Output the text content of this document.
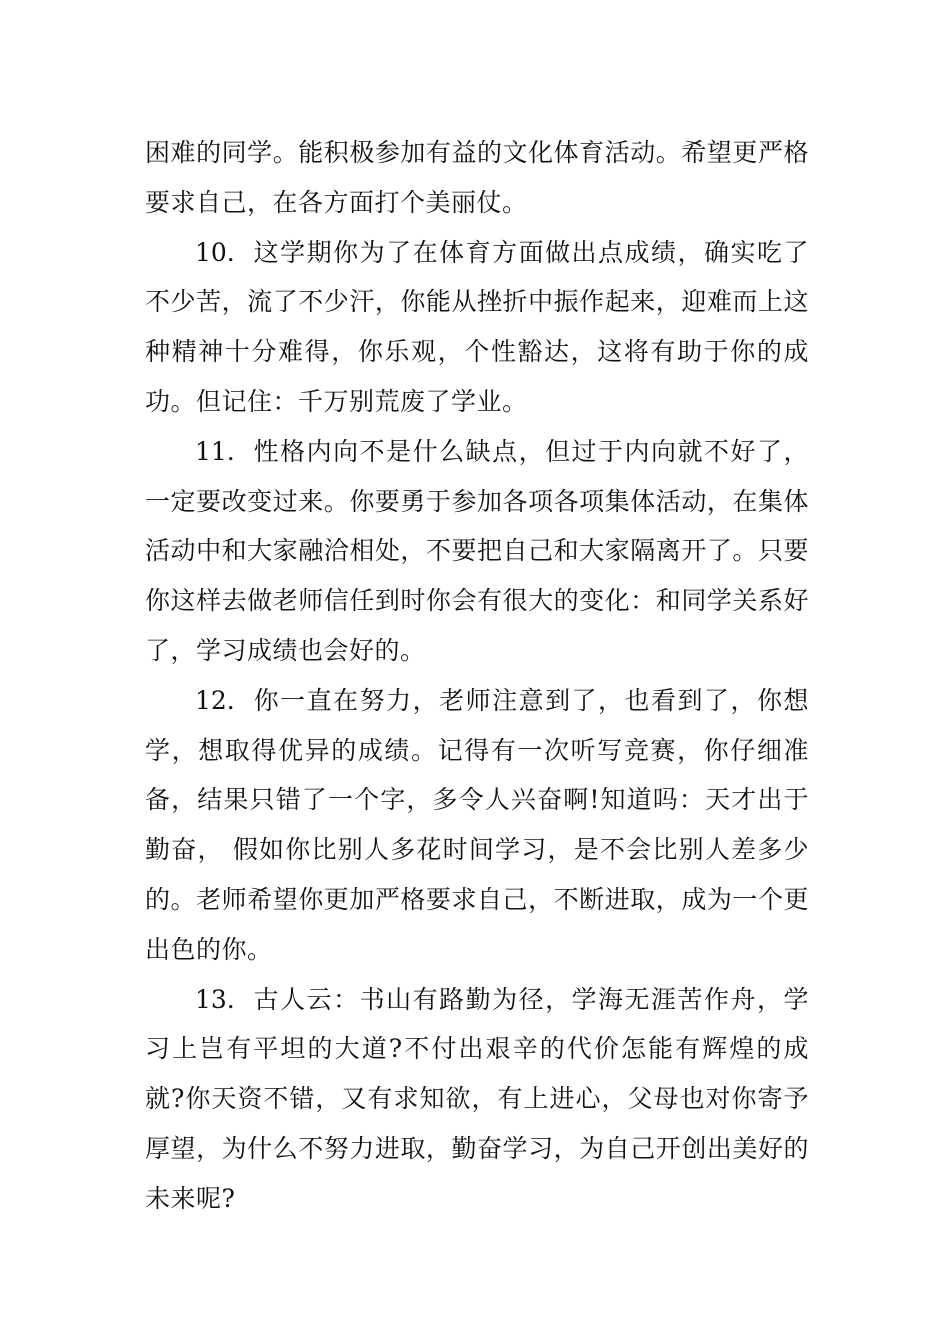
困难的同学。能积极参加有益的文化体育活动。希望更严格要求自己，在各方面打个美丽仗。

10. 这学期你为了在体育方面做出点成绩，确实吃了不少苦，流了不少汗，你能从挫折中振作起来，迎难而上这种精神十分难得，你乐观，个性豁达，这将有助于你的成功。但记住：千万别荒废了学业。

11. 性格内向不是什么缺点，但过于内向就不好了，一定要改变过来。你要勇于参加各项各项集体活动，在集体活动中和大家融洽相处，不要把自己和大家隔离开了。只要你这样去做老师信任到时你会有很大的变化：和同学关系好了，学习成绩也会好的。

12. 你一直在努力，老师注意到了，也看到了，你想学，想取得优异的成绩。记得有一次听写竞赛，你仔细准备，结果只错了一个字，多令人兴奋啊!知道吗：天才出于勤奋， 假如你比别人多花时间学习，是不会比别人差多少的。老师希望你更加严格要求自己，不断进取，成为一个更出色的你。

13. 古人云：书山有路勤为径，学海无涯苦作舟，学习上岂有平坦的大道?不付出艰辛的代价怎能有辉煌的成就?你天资不错，又有求知欲，有上进心，父母也对你寄予厚望，为什么不努力进取，勤奋学习，为自己开创出美好的未来呢?
